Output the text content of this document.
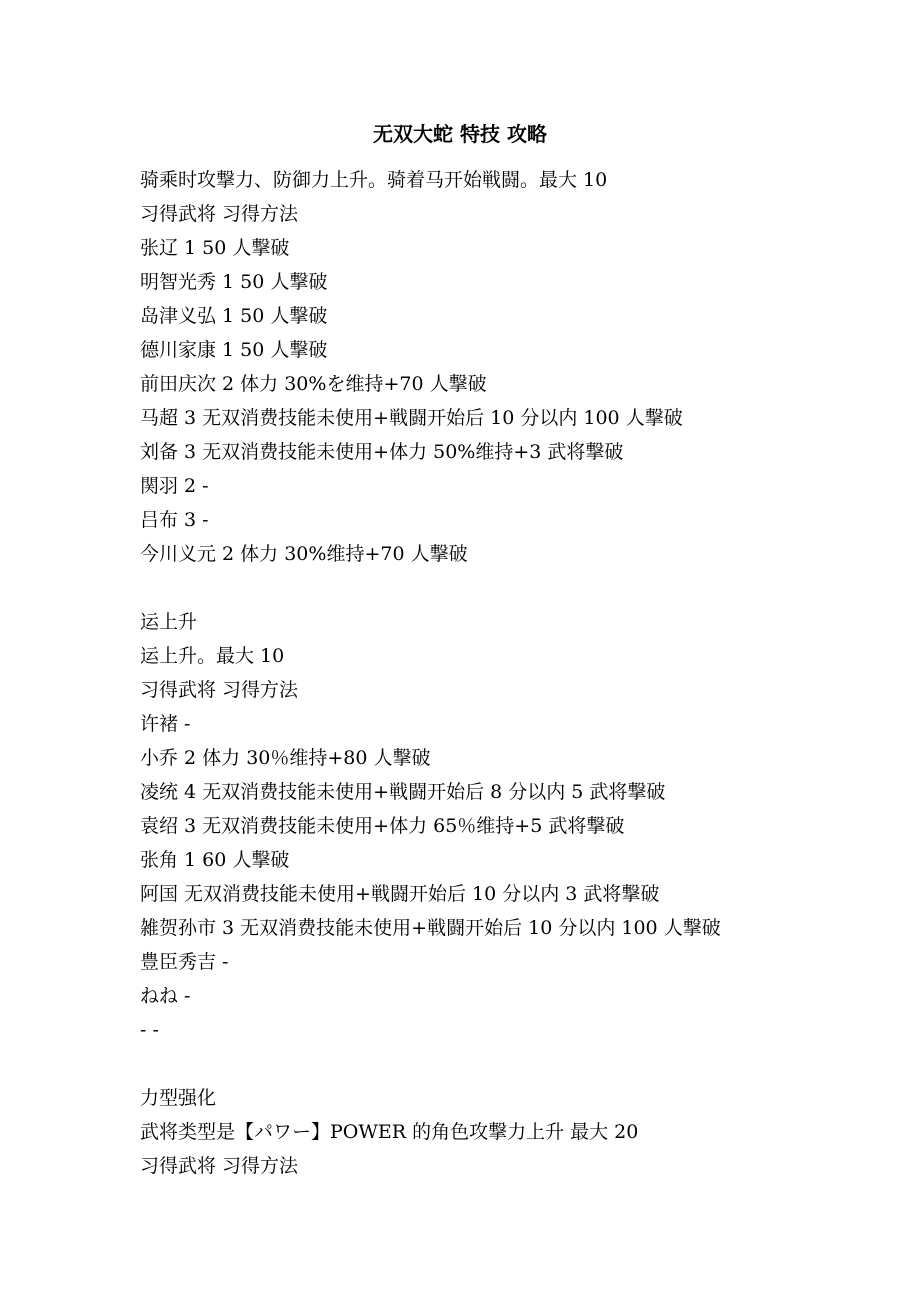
无双大蛇 特技 攻略
骑乘时攻撃力、防御力上升。骑着马开始戦闘。最大 10
习得武将 习得方法
张辽 1 50 人撃破
明智光秀 1 50 人撃破
岛津义弘 1 50 人撃破
德川家康 1 50 人撃破
前田庆次 2 体力 30%を维持+70 人撃破
马超 3 无双消费技能未使用+戦闘开始后 10 分以内 100 人撃破
刘备 3 无双消费技能未使用+体力 50%维持+3 武将撃破
関羽 2 -
吕布 3 -
今川义元 2 体力 30%维持+70 人撃破
运上升
运上升。最大 10
习得武将 习得方法
许褚 -
小乔 2 体力 30％维持+80 人撃破
凌统 4 无双消费技能未使用+戦闘开始后 8 分以内 5 武将撃破
袁绍 3 无双消费技能未使用+体力 65％维持+5 武将撃破
张角 1 60 人撃破
阿国 无双消费技能未使用+戦闘开始后 10 分以内 3 武将撃破
雑贺孙市 3 无双消费技能未使用+戦闘开始后 10 分以内 100 人撃破
豊臣秀吉 -
ねね -
- -
力型强化
武将类型是【パワー】POWER 的角色攻撃力上升 最大 20
习得武将 习得方法
